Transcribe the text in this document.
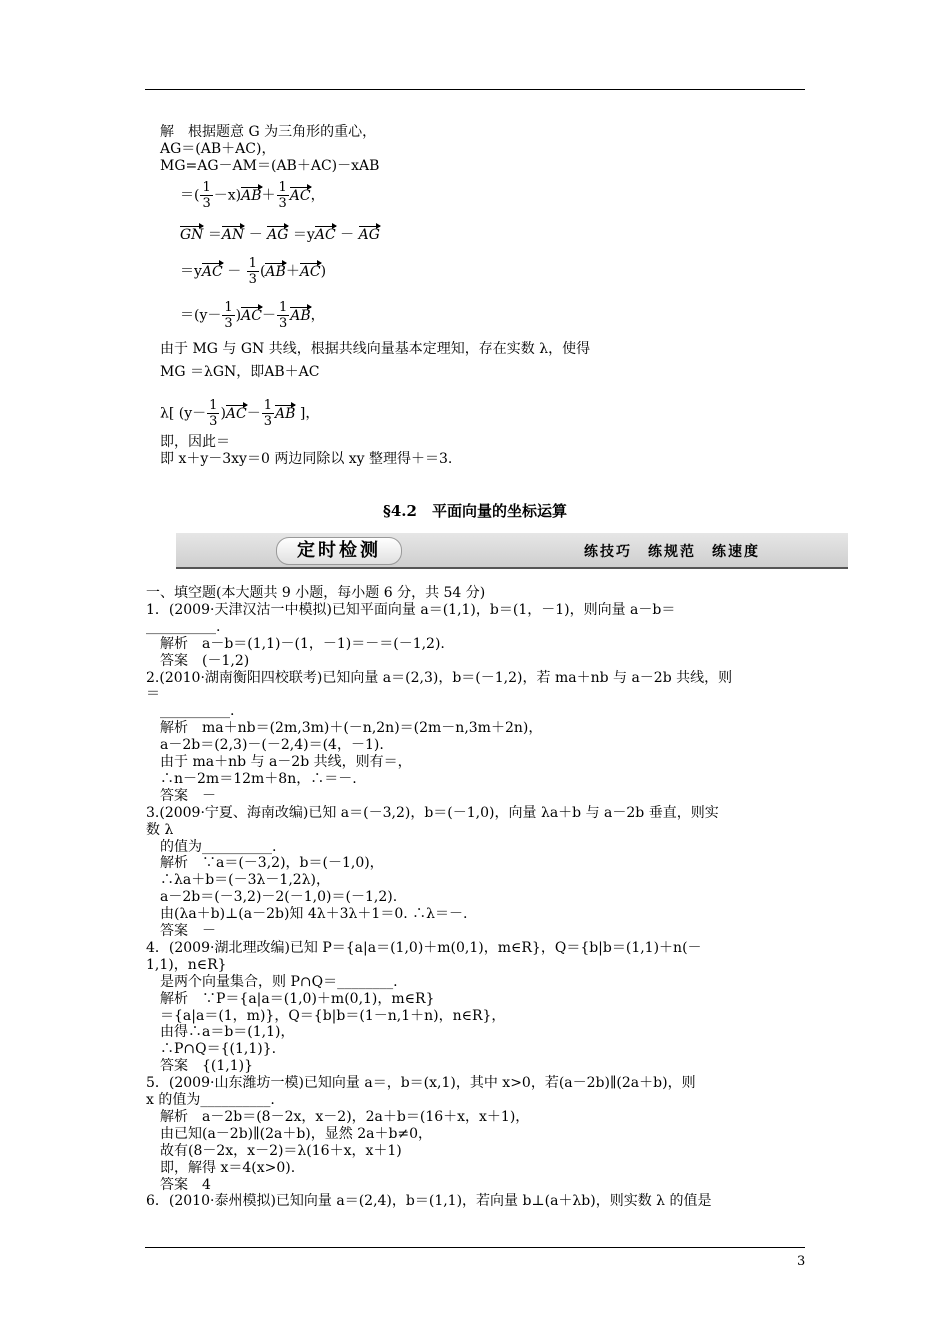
解　根据题意 G 为三角形的重心，
AG＝(AB＋AC)，
MG=AG－AM＝(AB＋AC)－xAB
＝( $\frac{1}{3} -x)AB+ \frac{1}{3}$ AC，
GN ＝AN － AG ＝yAC － AG
$=yAC - \frac{1}{3} (AB+AC)$
$=(y- \frac{1}{3} )AC- \frac{1}{3}$ AB，
由于 MG 与 GN 共线，根据共线向量基本定理知，存在实数 λ，使得
MG ＝λGN，即AB＋AC
λ[ $(y- \frac{1}{3} )AC- \frac{1}{3}$ AB ]，
即，因此＝
即 x＋y－3xy＝0 两边同除以 xy 整理得＋＝3.
§4.2　平面向量的坐标运算
定时检测	练技巧　练规范　练速度
一、填空题(本大题共 9 小题，每小题 6 分，共 54 分)
1．(2009·天津汉沽一中模拟)已知平面向量 a＝(1,1)，b＝(1，－1)，则向量 a－b＝
__________.
　解析　a－b＝(1,1)－(1，－1)＝－＝(－1,2).
　答案　(－1,2)
2.(2010·湖南衡阳四校联考)已知向量 a＝(2,3)，b＝(－1,2)，若 ma＋nb 与 a－2b 共线，则
＝
　__________.
　解析　ma＋nb＝(2m,3m)＋(－n,2n)＝(2m－n,3m＋2n)，
　a－2b＝(2,3)－(－2,4)＝(4，－1).
　由于 ma＋nb 与 a－2b 共线，则有＝，
　∴n－2m＝12m＋8n，∴＝－.
　答案　－
3.(2009·宁夏、海南改编)已知 a＝(－3,2)，b＝(－1,0)，向量 λa＋b 与 a－2b 垂直，则实
数 λ
　的值为__________.
　解析　∵a＝(－3,2)，b＝(－1,0)，
　∴λa＋b＝(－3λ－1,2λ)，
　a－2b＝(－3,2)－2(－1,0)＝(－1,2).
　由(λa＋b)⊥(a－2b)知 4λ＋3λ＋1＝0. ∴λ＝－.
　答案　－
4．(2009·湖北理改编)已知 P＝{a|a＝(1,0)＋m(0,1)，m∈R}，Q＝{b|b＝(1,1)＋n(－
1,1)，n∈R}
　是两个向量集合，则 P∩Q＝________.
　解析　∵P＝{a|a＝(1,0)＋m(0,1)，m∈R}
　＝{a|a＝(1，m)}，Q＝{b|b＝(1－n,1＋n)，n∈R}，
　由得∴a＝b＝(1,1)，
　∴P∩Q＝{(1,1)}.
　答案　{(1,1)}
5．(2009·山东潍坊一模)已知向量 a＝，b＝(x,1)，其中 x>0，若(a－2b)∥(2a＋b)，则
x 的值为__________.
　解析　a－2b＝(8－2x，x－2)，2a＋b＝(16＋x，x＋1)，
　由已知(a－2b)∥(2a＋b)，显然 2a＋b≠0，
　故有(8－2x，x－2)＝λ(16＋x，x＋1)
　即，解得 x＝4(x>0).
　答案　4
6．(2010·泰州模拟)已知向量 a＝(2,4)，b＝(1,1)，若向量 b⊥(a＋λb)，则实数 λ 的值是
3
